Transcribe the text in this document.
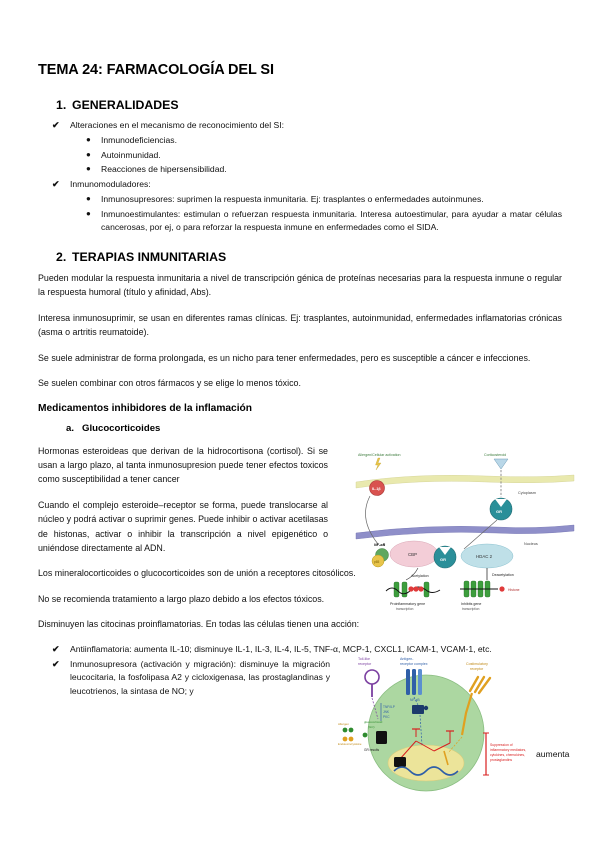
TEMA 24: FARMACOLOGÍA DEL SI
1. GENERALIDADES
✔ Alteraciones en el mecanismo de reconocimiento del SI:
● Inmunodeficiencias.
● Autoinmunidad.
● Reacciones de hipersensibilidad.
✔ Inmunomoduladores:
● Inmunosupresores: suprimen la respuesta inmunitaria. Ej: trasplantes o enfermedades autoinmunes.
● Inmunoestimulantes: estimulan o refuerzan respuesta inmunitaria. Interesa autoestimular, para ayudar a matar células cancerosas, por ej, o para reforzar la respuesta inmune en enfermedades como el SIDA.
2. TERAPIAS INMUNITARIAS

Pueden modular la respuesta inmunitaria a nivel de transcripción génica de proteínas necesarias para la respuesta inmune o regular la respuesta humoral (título y afinidad, Abs).

Interesa inmunosuprimir, se usan en diferentes ramas clínicas. Ej: trasplantes, autoinmunidad, enfermedades inflamatorias crónicas (asma o artritis reumatoide).

Se suele administrar de forma prolongada, es un nicho para tener enfermedades, pero es susceptible a cáncer e infecciones.

Se suelen combinar con otros fármacos y se elige lo menos tóxico.

Medicamentos inhibidores de la inflamación
a. Glucocorticoides

Hormonas esteroideas que derivan de la hidrocortisona (cortisol). Si se usan a largo plazo, al tanta inmunosupresion puede tener efectos toxicos como susceptibilidad a tener cancer

Cuando el complejo esteroide–receptor se forma, puede translocarse al núcleo y podrá activar o suprimir genes. Puede inhibir o activar acetilasas de histonas, activar o inhibir la transcripción a nivel epigenético o uniéndose directamente al ADN.

Allergen/Cellular activation	Corticosteroid
Cytoplasm
IL-1β
GR
Nucleus
NF-κB
p65
CBP
GR
HDAC 2
Acetylation	Deacetylation
Proinflammatory gene
transcription
Histone
Inhibits gene
transcription

Los mineralocorticoides o glucocorticoides son de unión a receptores citosólicos.

No se recomienda tratamiento a largo plazo debido a los efectos tóxicos.

Disminuyen las citocinas proinflamatorias. En todas las células tienen una acción:

✔ Antiinflamatoria: aumenta IL-10; disminuye IL-1, IL-3, IL-4, IL-5, TNF-α, MCP-1, CXCL1, ICAM-1, VCAM-1, etc.
✔ Inmunosupresora (activación y migración): disminuye la migración leucocitaria, la fosfolipasa A2 y cicloxigenasa, las prostaglandinas y leucotrienos, la sintasa de NO; y
aumenta
Toll-like
receptor
Antigen-
receptor complex	Costimulatory
receptor
NF-κB
TNF/ILP
JNK
PKC
Allergen
Endotoxin/cytokine
glucocorticoid
(GC)
GR results
Suppression of
inflammatory mediators,
cytokines, chemokines,
prostaglandins
